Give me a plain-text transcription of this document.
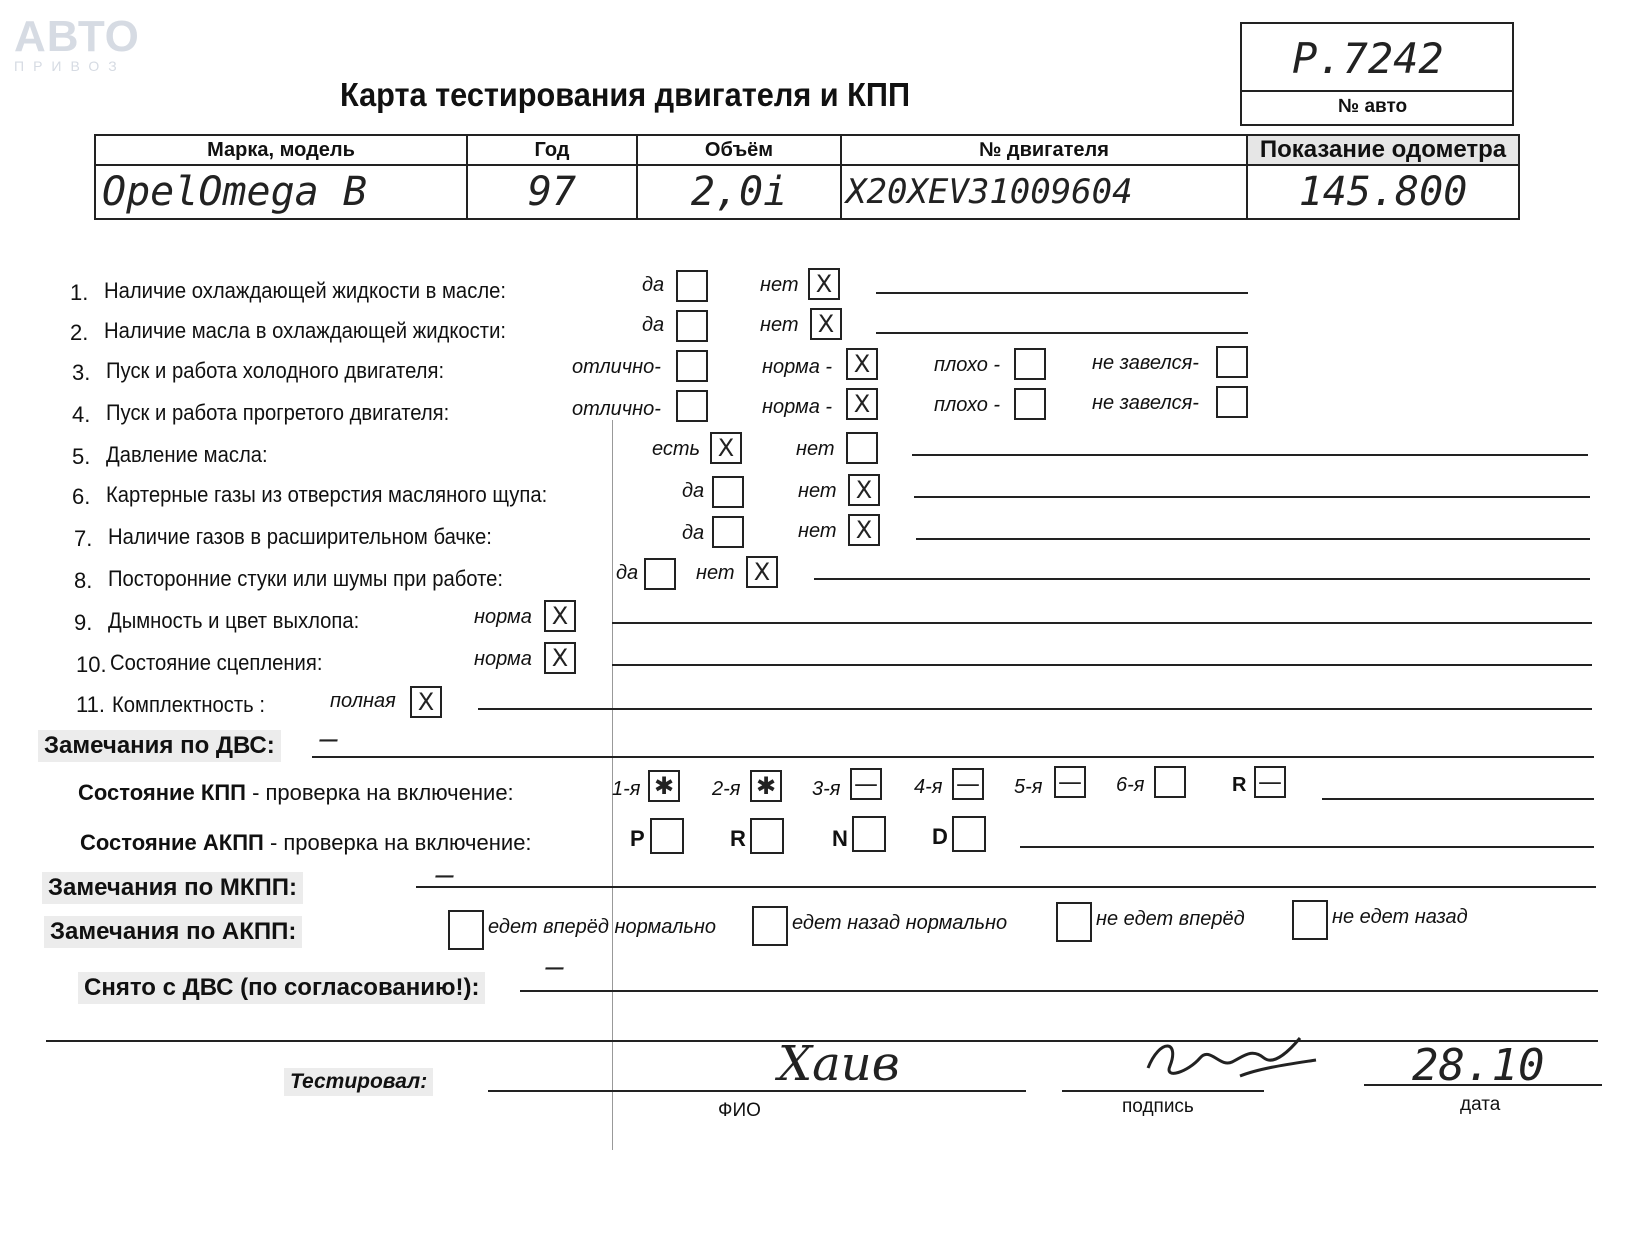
АВТО
ПРИВОЗ
Карта тестирования двигателя и КПП
Р.7242
№ авто
Марка, модель	Год	Объём	№ двигателя	Показание одометра
OpelOmega B	97	2,0i	X20XEV31009604	145.800
1. Наличие охлаждающей жидкости в масле:	да	нет X
2. Наличие масла в охлаждающей жидкости:	да	нет X
3. Пуск и работа холодного двигателя:	отлично-	норма - X	плохо -	не завелся-
4. Пуск и работа прогретого двигателя:	отлично-	норма - X	плохо -	не завелся-
5. Давление масла:	есть X	нет
6. Картерные газы из отверстия масляного щупа:	да	нет X
7. Наличие газов в расширительном бачке:	да	нет X
8. Посторонние стуки или шумы при работе:	да	нет X
9. Дымность и цвет выхлопа:	норма X
10. Состояние сцепления:	норма X
11. Комплектность :	полная X
Замечания по ДВС: —
Состояние КПП - проверка на включение:	1-я ✱ 2-я ✱ 3-я — 4-я — 5-я — 6-я	R —
Состояние АКПП - проверка на включение:	P	R	N	D
Замечания по МКПП:	—
Замечания по АКПП:	едет вперёд нормально	едет назад нормально	не едет вперёд	не едет назад
Снято с ДВС (по согласованию!):
—
Тестировал:	Хаив
ФИО	подпись
28.10
дата
